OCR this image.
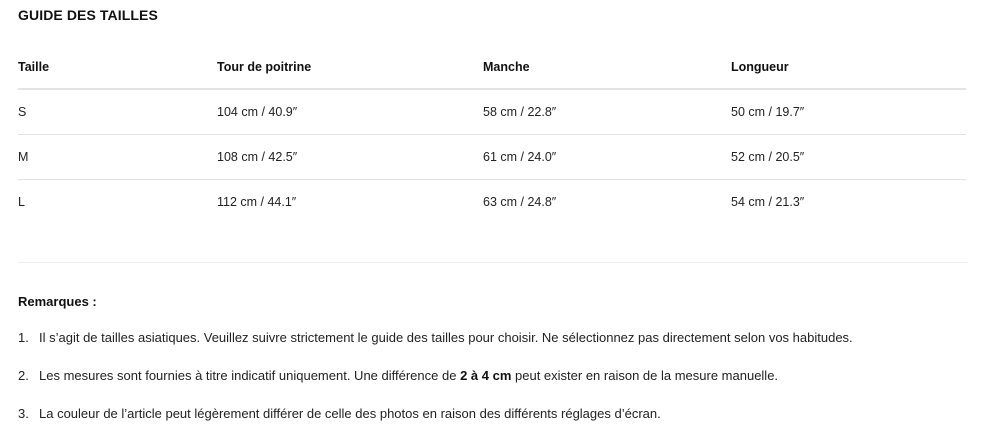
GUIDE DES TAILLES
Taille	Tour de poitrine	Manche	Longueur
S	104 cm / 40.9″	58 cm / 22.8″	50 cm / 19.7″
M	108 cm / 42.5″	61 cm / 24.0″	52 cm / 20.5″
L	112 cm / 44.1″	63 cm / 24.8″	54 cm / 21.3″
Remarques :
1. Il s’agit de tailles asiatiques. Veuillez suivre strictement le guide des tailles pour choisir. Ne sélectionnez pas directement selon vos habitudes.
2. Les mesures sont fournies à titre indicatif uniquement. Une différence de 2 à 4 cm peut exister en raison de la mesure manuelle.
3. La couleur de l’article peut légèrement différer de celle des photos en raison des différents réglages d’écran.
